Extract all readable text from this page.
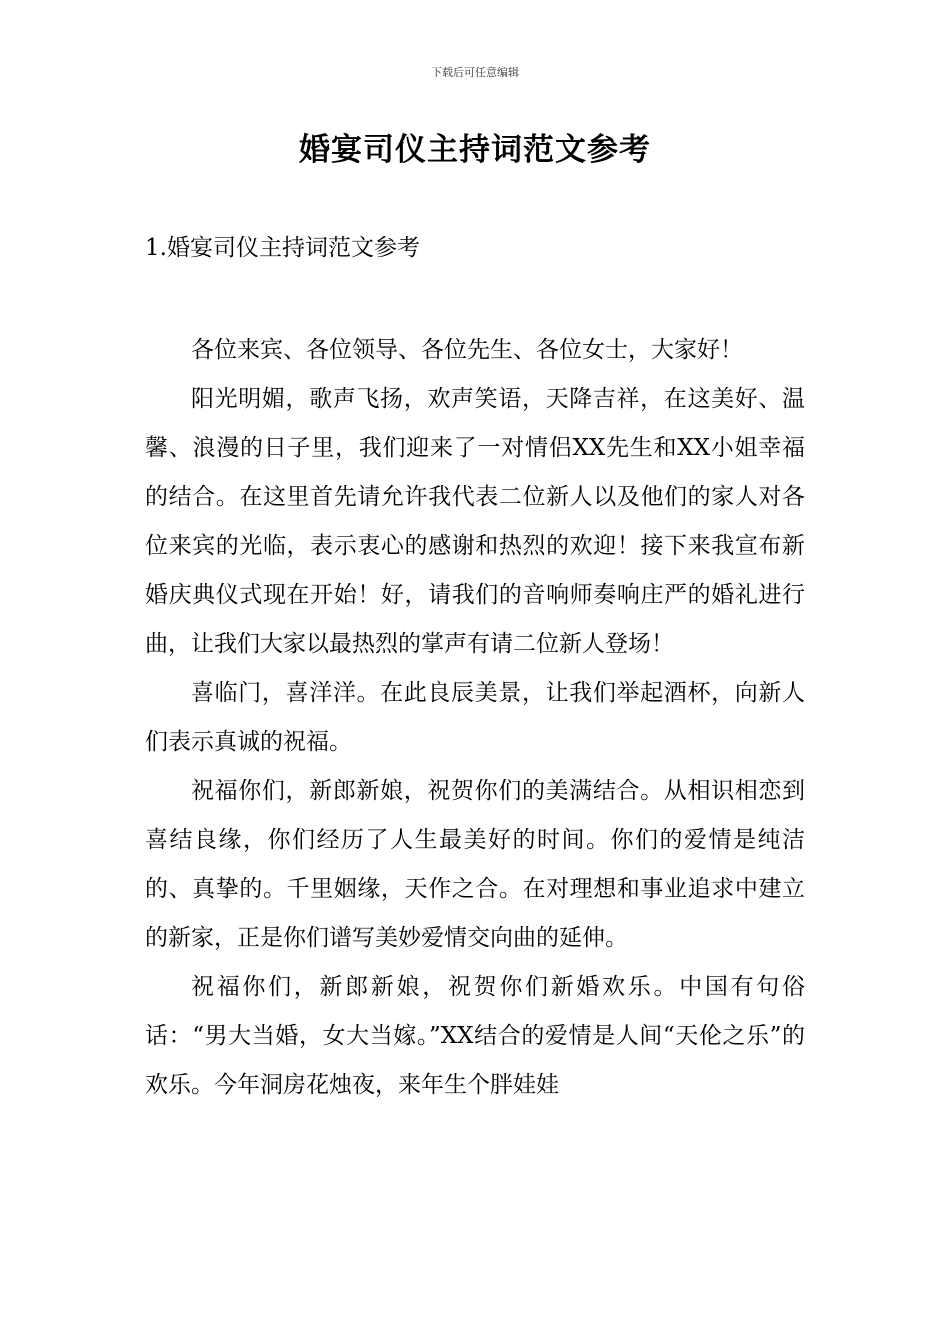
下载后可任意编辑
婚宴司仪主持词范文参考
1.婚宴司仪主持词范文参考

各位来宾、各位领导、各位先生、各位女士，大家好！

阳光明媚，歌声飞扬，欢声笑语，天降吉祥，在这美好、温馨、浪漫的日子里，我们迎来了一对情侣XX先生和XX小姐幸福的结合。在这里首先请允许我代表二位新人以及他们的家人对各位来宾的光临，表示衷心的感谢和热烈的欢迎！接下来我宣布新婚庆典仪式现在开始！好，请我们的音响师奏响庄严的婚礼进行曲，让我们大家以最热烈的掌声有请二位新人登场！

喜临门，喜洋洋。在此良辰美景，让我们举起酒杯，向新人们表示真诚的祝福。

祝福你们，新郎新娘，祝贺你们的美满结合。从相识相恋到喜结良缘，你们经历了人生最美好的时间。你们的爱情是纯洁的、真挚的。千里姻缘，天作之合。在对理想和事业追求中建立的新家，正是你们谱写美妙爱情交向曲的延伸。

祝福你们，新郎新娘，祝贺你们新婚欢乐。中国有句俗话：“男大当婚，女大当嫁。”XX结合的爱情是人间“天伦之乐”的欢乐。今年洞房花烛夜，来年生个胖娃娃
